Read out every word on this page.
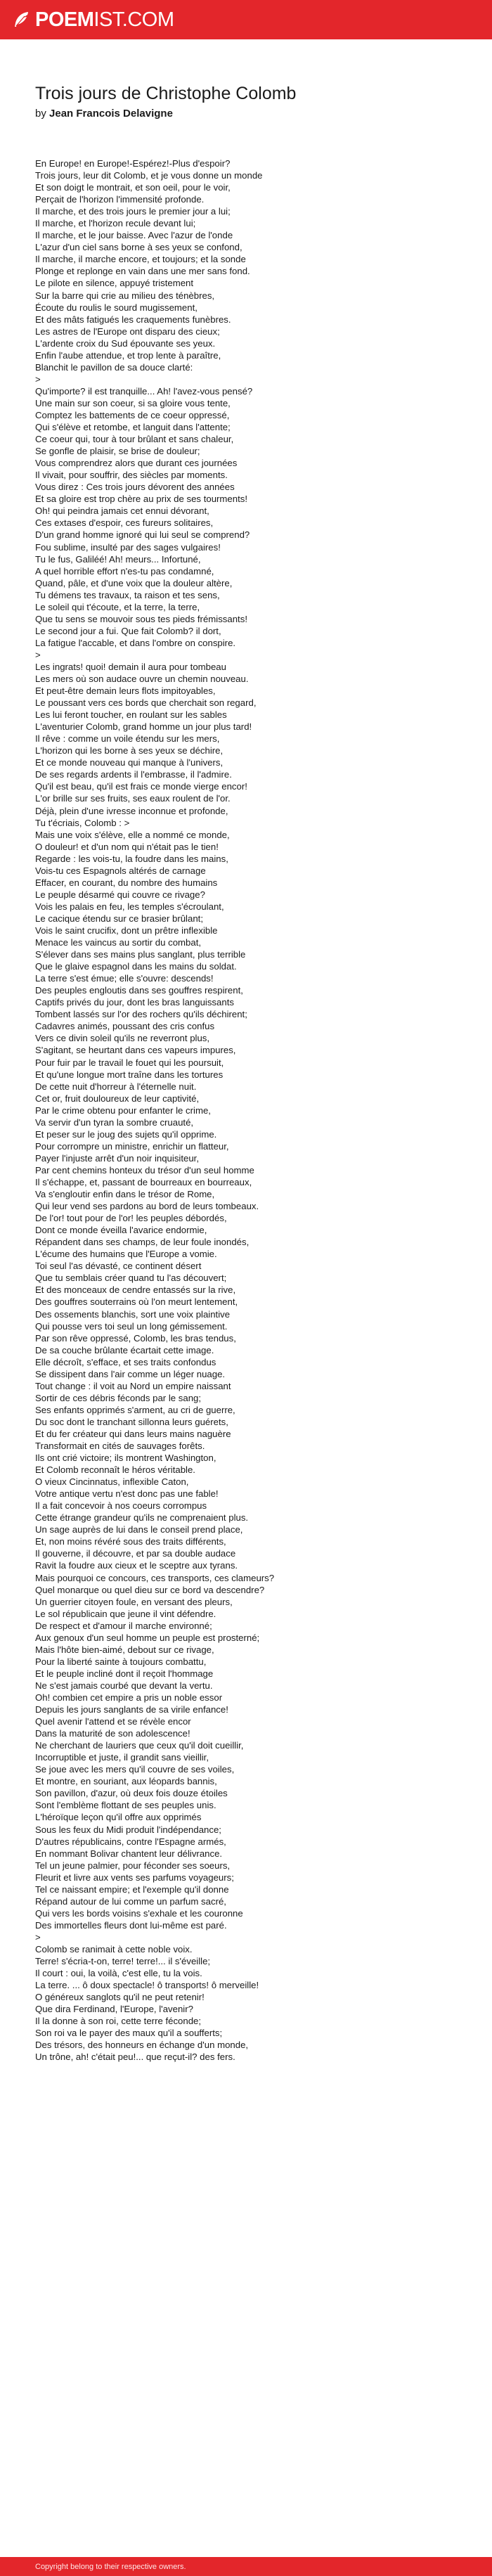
POEMIST.COM
Trois jours de Christophe Colomb
by Jean Francois Delavigne
En Europe! en Europe!-Espérez!-Plus d'espoir?
Trois jours, leur dit Colomb, et je vous donne un monde
Et son doigt le montrait, et son oeil, pour le voir,
Perçait de l'horizon l'immensité profonde.
Il marche, et des trois jours le premier jour a lui;
Il marche, et l'horizon recule devant lui;
Il marche, et le jour baisse. Avec l'azur de l'onde
L'azur d'un ciel sans borne à ses yeux se confond,
Il marche, il marche encore, et toujours; et la sonde
Plonge et replonge en vain dans une mer sans fond.
Le pilote en silence, appuyé tristement
Sur la barre qui crie au milieu des ténèbres,
Écoute du roulis le sourd mugissement,
Et des mâts fatigués les craquements funèbres.
Les astres de l'Europe ont disparu des cieux;
L'ardente croix du Sud épouvante ses yeux.
Enfin l'aube attendue, et trop lente à paraître,
Blanchit le pavillon de sa douce clarté:
>
Qu'importe? il est tranquille... Ah! l'avez-vous pensé?
Une main sur son coeur, si sa gloire vous tente,
Comptez les battements de ce coeur oppressé,
Qui s'élève et retombe, et languit dans l'attente;
Ce coeur qui, tour à tour brûlant et sans chaleur,
Se gonfle de plaisir, se brise de douleur;
Vous comprendrez alors que durant ces journées
Il vivait, pour souffrir, des siècles par moments.
Vous direz : Ces trois jours dévorent des années
Et sa gloire est trop chère au prix de ses tourments!
Oh! qui peindra jamais cet ennui dévorant,
Ces extases d'espoir, ces fureurs solitaires,
D'un grand homme ignoré qui lui seul se comprend?
Fou sublime, insulté par des sages vulgaires!
Tu le fus, Galiléé! Ah! meurs... Infortuné,
A quel horrible effort n'es-tu pas condamné,
Quand, pâle, et d'une voix que la douleur altère,
Tu démens tes travaux, ta raison et tes sens,
Le soleil qui t'écoute, et la terre, la terre,
Que tu sens se mouvoir sous tes pieds frémissants!
Le second jour a fui. Que fait Colomb? il dort,
La fatigue l'accable, et dans l'ombre on conspire.
>
Les ingrats! quoi! demain il aura pour tombeau
Les mers où son audace ouvre un chemin nouveau.
Et peut-être demain leurs flots impitoyables,
Le poussant vers ces bords que cherchait son regard,
Les lui feront toucher, en roulant sur les sables
L'aventurier Colomb, grand homme un jour plus tard!
Il rêve : comme un voile étendu sur les mers,
L'horizon qui les borne à ses yeux se déchire,
Et ce monde nouveau qui manque à l'univers,
De ses regards ardents il l'embrasse, il l'admire.
Qu'il est beau, qu'il est frais ce monde vierge encor!
L'or brille sur ses fruits, ses eaux roulent de l'or.
Déjà, plein d'une ivresse inconnue et profonde,
Tu t'écriais, Colomb : >
Mais une voix s'élève, elle a nommé ce monde,
O douleur! et d'un nom qui n'était pas le tien!
Regarde : les vois-tu, la foudre dans les mains,
Vois-tu ces Espagnols altérés de carnage
Effacer, en courant, du nombre des humains
Le peuple désarmé qui couvre ce rivage?
Vois les palais en feu, les temples s'écroulant,
Le cacique étendu sur ce brasier brûlant;
Vois le saint crucifix, dont un prêtre inflexible
Menace les vaincus au sortir du combat,
S'élever dans ses mains plus sanglant, plus terrible
Que le glaive espagnol dans les mains du soldat.
La terre s'est émue; elle s'ouvre: descends!
Des peuples engloutis dans ses gouffres respirent,
Captifs privés du jour, dont les bras languissants
Tombent lassés sur l'or des rochers qu'ils déchirent;
Cadavres animés, poussant des cris confus
Vers ce divin soleil qu'ils ne reverront plus,
S'agitant, se heurtant dans ces vapeurs impures,
Pour fuir par le travail le fouet qui les poursuit,
Et qu'une longue mort traîne dans les tortures
De cette nuit d'horreur à l'éternelle nuit.
Cet or, fruit douloureux de leur captivité,
Par le crime obtenu pour enfanter le crime,
Va servir d'un tyran la sombre cruauté,
Et peser sur le joug des sujets qu'il opprime.
Pour corrompre un ministre, enrichir un flatteur,
Payer l'injuste arrêt d'un noir inquisiteur,
Par cent chemins honteux du trésor d'un seul homme
Il s'échappe, et, passant de bourreaux en bourreaux,
Va s'engloutir enfin dans le trésor de Rome,
Qui leur vend ses pardons au bord de leurs tombeaux.
De l'or! tout pour de l'or! les peuples débordés,
Dont ce monde éveilla l'avarice endormie,
Répandent dans ses champs, de leur foule inondés,
L'écume des humains que l'Europe a vomie.
Toi seul l'as dévasté, ce continent désert
Que tu semblais créer quand tu l'as découvert;
Et des monceaux de cendre entassés sur la rive,
Des gouffres souterrains où l'on meurt lentement,
Des ossements blanchis, sort une voix plaintive
Qui pousse vers toi seul un long gémissement.
Par son rêve oppressé, Colomb, les bras tendus,
De sa couche brûlante écartait cette image.
Elle décroît, s'efface, et ses traits confondus
Se dissipent dans l'air comme un léger nuage.
Tout change : il voit au Nord un empire naissant
Sortir de ces débris féconds par le sang;
Ses enfants opprimés s'arment, au cri de guerre,
Du soc dont le tranchant sillonna leurs guérets,
Et du fer créateur qui dans leurs mains naguère
Transformait en cités de sauvages forêts.
Ils ont crié victoire; ils montrent Washington,
Et Colomb reconnaît le héros véritable.
O vieux Cincinnatus, inflexible Caton,
Votre antique vertu n'est donc pas une fable!
Il a fait concevoir à nos coeurs corrompus
Cette étrange grandeur qu'ils ne comprenaient plus.
Un sage auprès de lui dans le conseil prend place,
Et, non moins révéré sous des traits différents,
Il gouverne, il découvre, et par sa double audace
Ravit la foudre aux cieux et le sceptre aux tyrans.
Mais pourquoi ce concours, ces transports, ces clameurs?
Quel monarque ou quel dieu sur ce bord va descendre?
Un guerrier citoyen foule, en versant des pleurs,
Le sol républicain que jeune il vint défendre.
De respect et d'amour il marche environné;
Aux genoux d'un seul homme un peuple est prosterné;
Mais l'hôte bien-aimé, debout sur ce rivage,
Pour la liberté sainte à toujours combattu,
Et le peuple incliné dont il reçoit l'hommage
Ne s'est jamais courbé que devant la vertu.
Oh! combien cet empire a pris un noble essor
Depuis les jours sanglants de sa virile enfance!
Quel avenir l'attend et se révèle encor
Dans la maturité de son adolescence!
Ne cherchant de lauriers que ceux qu'il doit cueillir,
Incorruptible et juste, il grandit sans vieillir,
Se joue avec les mers qu'il couvre de ses voiles,
Et montre, en souriant, aux léopards bannis,
Son pavillon, d'azur, où deux fois douze étoiles
Sont l'emblème flottant de ses peuples unis.
L'héroïque leçon qu'il offre aux opprimés
Sous les feux du Midi produit l'indépendance;
D'autres républicains, contre l'Espagne armés,
En nommant Bolivar chantent leur délivrance.
Tel un jeune palmier, pour féconder ses soeurs,
Fleurit et livre aux vents ses parfums voyageurs;
Tel ce naissant empire; et l'exemple qu'il donne
Répand autour de lui comme un parfum sacré,
Qui vers les bords voisins s'exhale et les couronne
Des immortelles fleurs dont lui-même est paré.
>
Colomb se ranimait à cette noble voix.
Terre! s'écria-t-on, terre! terre!... il s'éveille;
Il court : oui, la voilà, c'est elle, tu la vois.
La terre. ... ô doux spectacle! ô transports! ô merveille!
O généreux sanglots qu'il ne peut retenir!
Que dira Ferdinand, l'Europe, l'avenir?
Il la donne à son roi, cette terre féconde;
Son roi va le payer des maux qu'il a soufferts;
Des trésors, des honneurs en échange d'un monde,
Un trône, ah! c'était peu!... que reçut-il? des fers.
Copyright belong to their respective owners.
